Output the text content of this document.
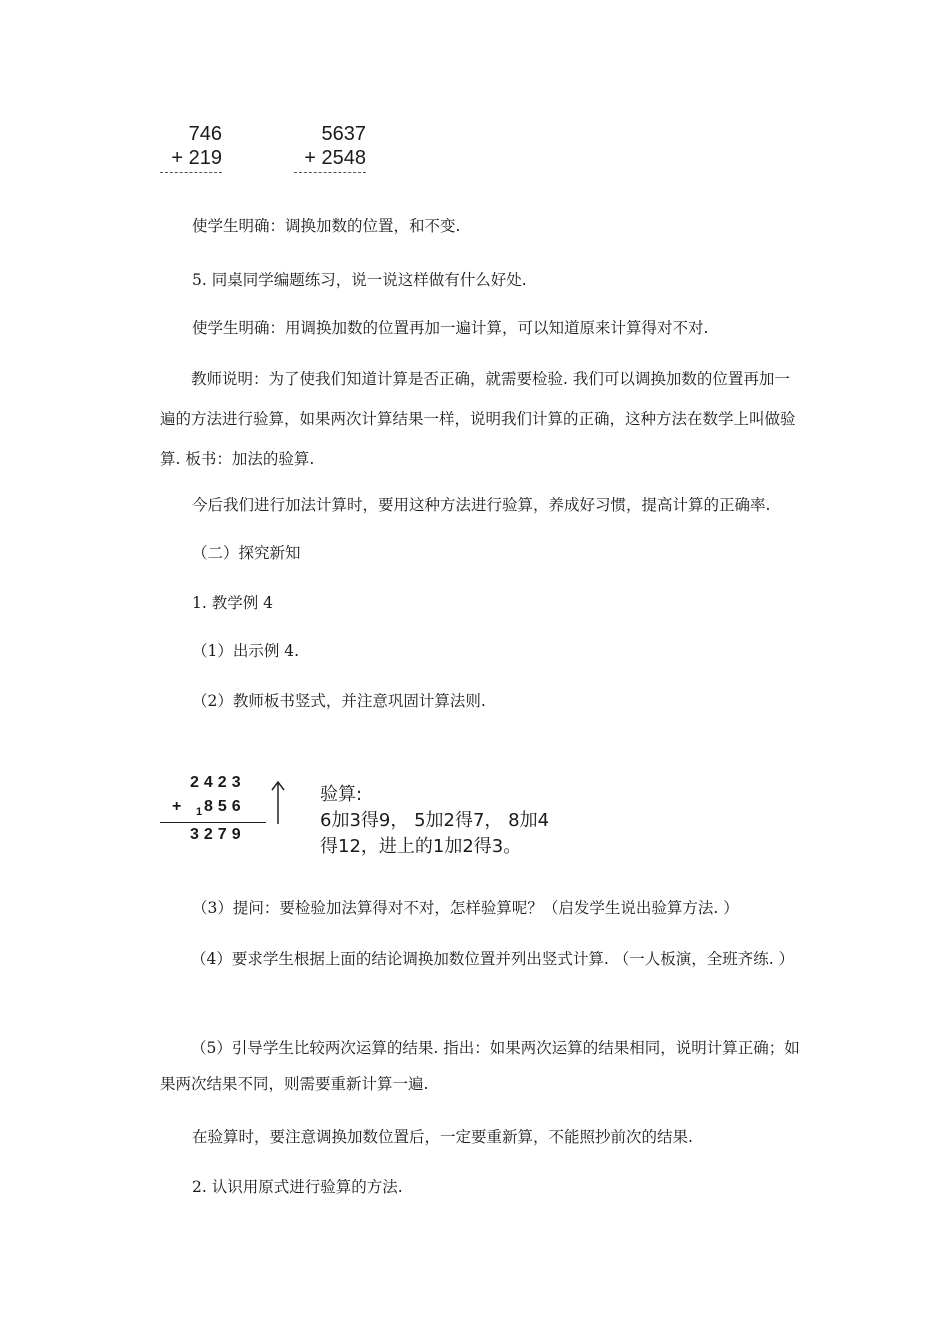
746
+ 219
5637
+ 2548
使学生明确：调换加数的位置，和不变.
5. 同桌同学编题练习，说一说这样做有什么好处.
使学生明确：用调换加数的位置再加一遍计算，可以知道原来计算得对不对.
教师说明：为了使我们知道计算是否正确，就需要检验. 我们可以调换加数的位置再加一遍的方法进行验算，如果两次计算结果一样，说明我们计算的正确，这种方法在数学上叫做验算. 板书：加法的验算.
今后我们进行加法计算时，要用这种方法进行验算，养成好习惯，提高计算的正确率.
（二）探究新知
1. 教学例 4
（1）出示例 4.
（2）教师板书竖式，并注意巩固计算法则.
2423
+ 1 856
3279
验算:
6加3得9， 5加2得7， 8加4
得12，进上的1加2得3。
（3）提问：要检验加法算得对不对，怎样验算呢？（启发学生说出验算方法. ）
（4）要求学生根据上面的结论调换加数位置并列出竖式计算. （一人板演，全班齐练. ）
（5）引导学生比较两次运算的结果. 指出：如果两次运算的结果相同，说明计算正确；如果两次结果不同，则需要重新计算一遍.
在验算时，要注意调换加数位置后，一定要重新算，不能照抄前次的结果.
2. 认识用原式进行验算的方法.
